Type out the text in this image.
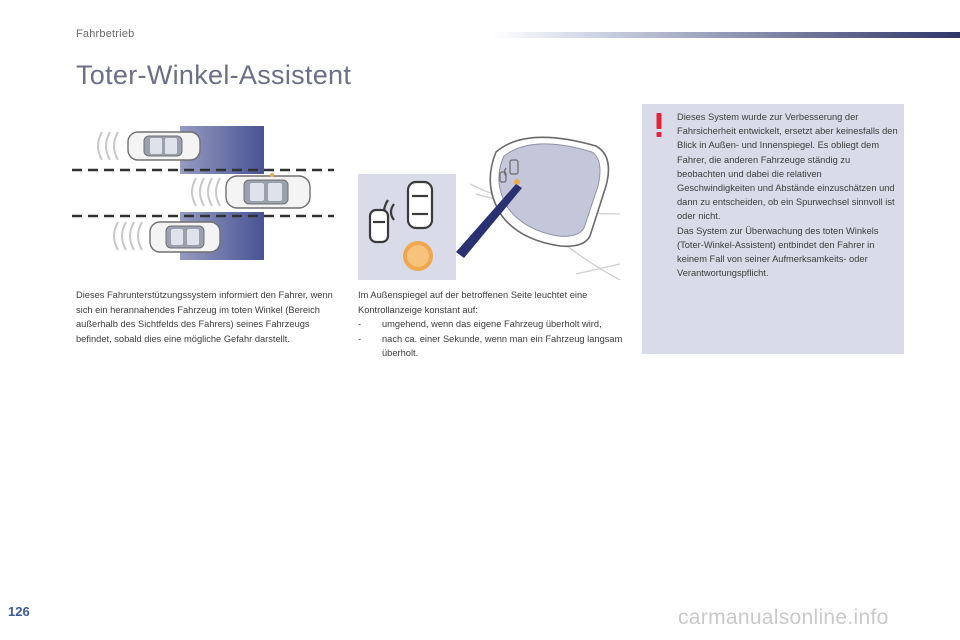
Fahrbetrieb
Toter-Winkel-Assistent

Dieses Fahrunterstützungssystem informiert den Fahrer, wenn sich ein herannahendes Fahrzeug im toten Winkel (Bereich außerhalb des Sichtfelds des Fahrers) seines Fahrzeugs befindet, sobald dies eine mögliche Gefahr darstellt.

Im Außenspiegel auf der betroffenen Seite leuchtet eine Kontrollanzeige konstant auf:
- umgehend, wenn das eigene Fahrzeug überholt wird,
- nach ca. einer Sekunde, wenn man ein Fahrzeug langsam überholt.
Dieses System wurde zur Verbesserung der Fahrsicherheit entwickelt, ersetzt aber keinesfalls den Blick in Außen- und Innenspiegel. Es obliegt dem Fahrer, die anderen Fahrzeuge ständig zu beobachten und dabei die relativen Geschwindigkeiten und Abstände einzuschätzen und dann zu entscheiden, ob ein Spurwechsel sinnvoll ist oder nicht.
Das System zur Überwachung des toten Winkels (Toter-Winkel-Assistent) entbindet den Fahrer in keinem Fall von seiner Aufmerksamkeits- oder Verantwortungspflicht.
126	carmanualsonline.info
